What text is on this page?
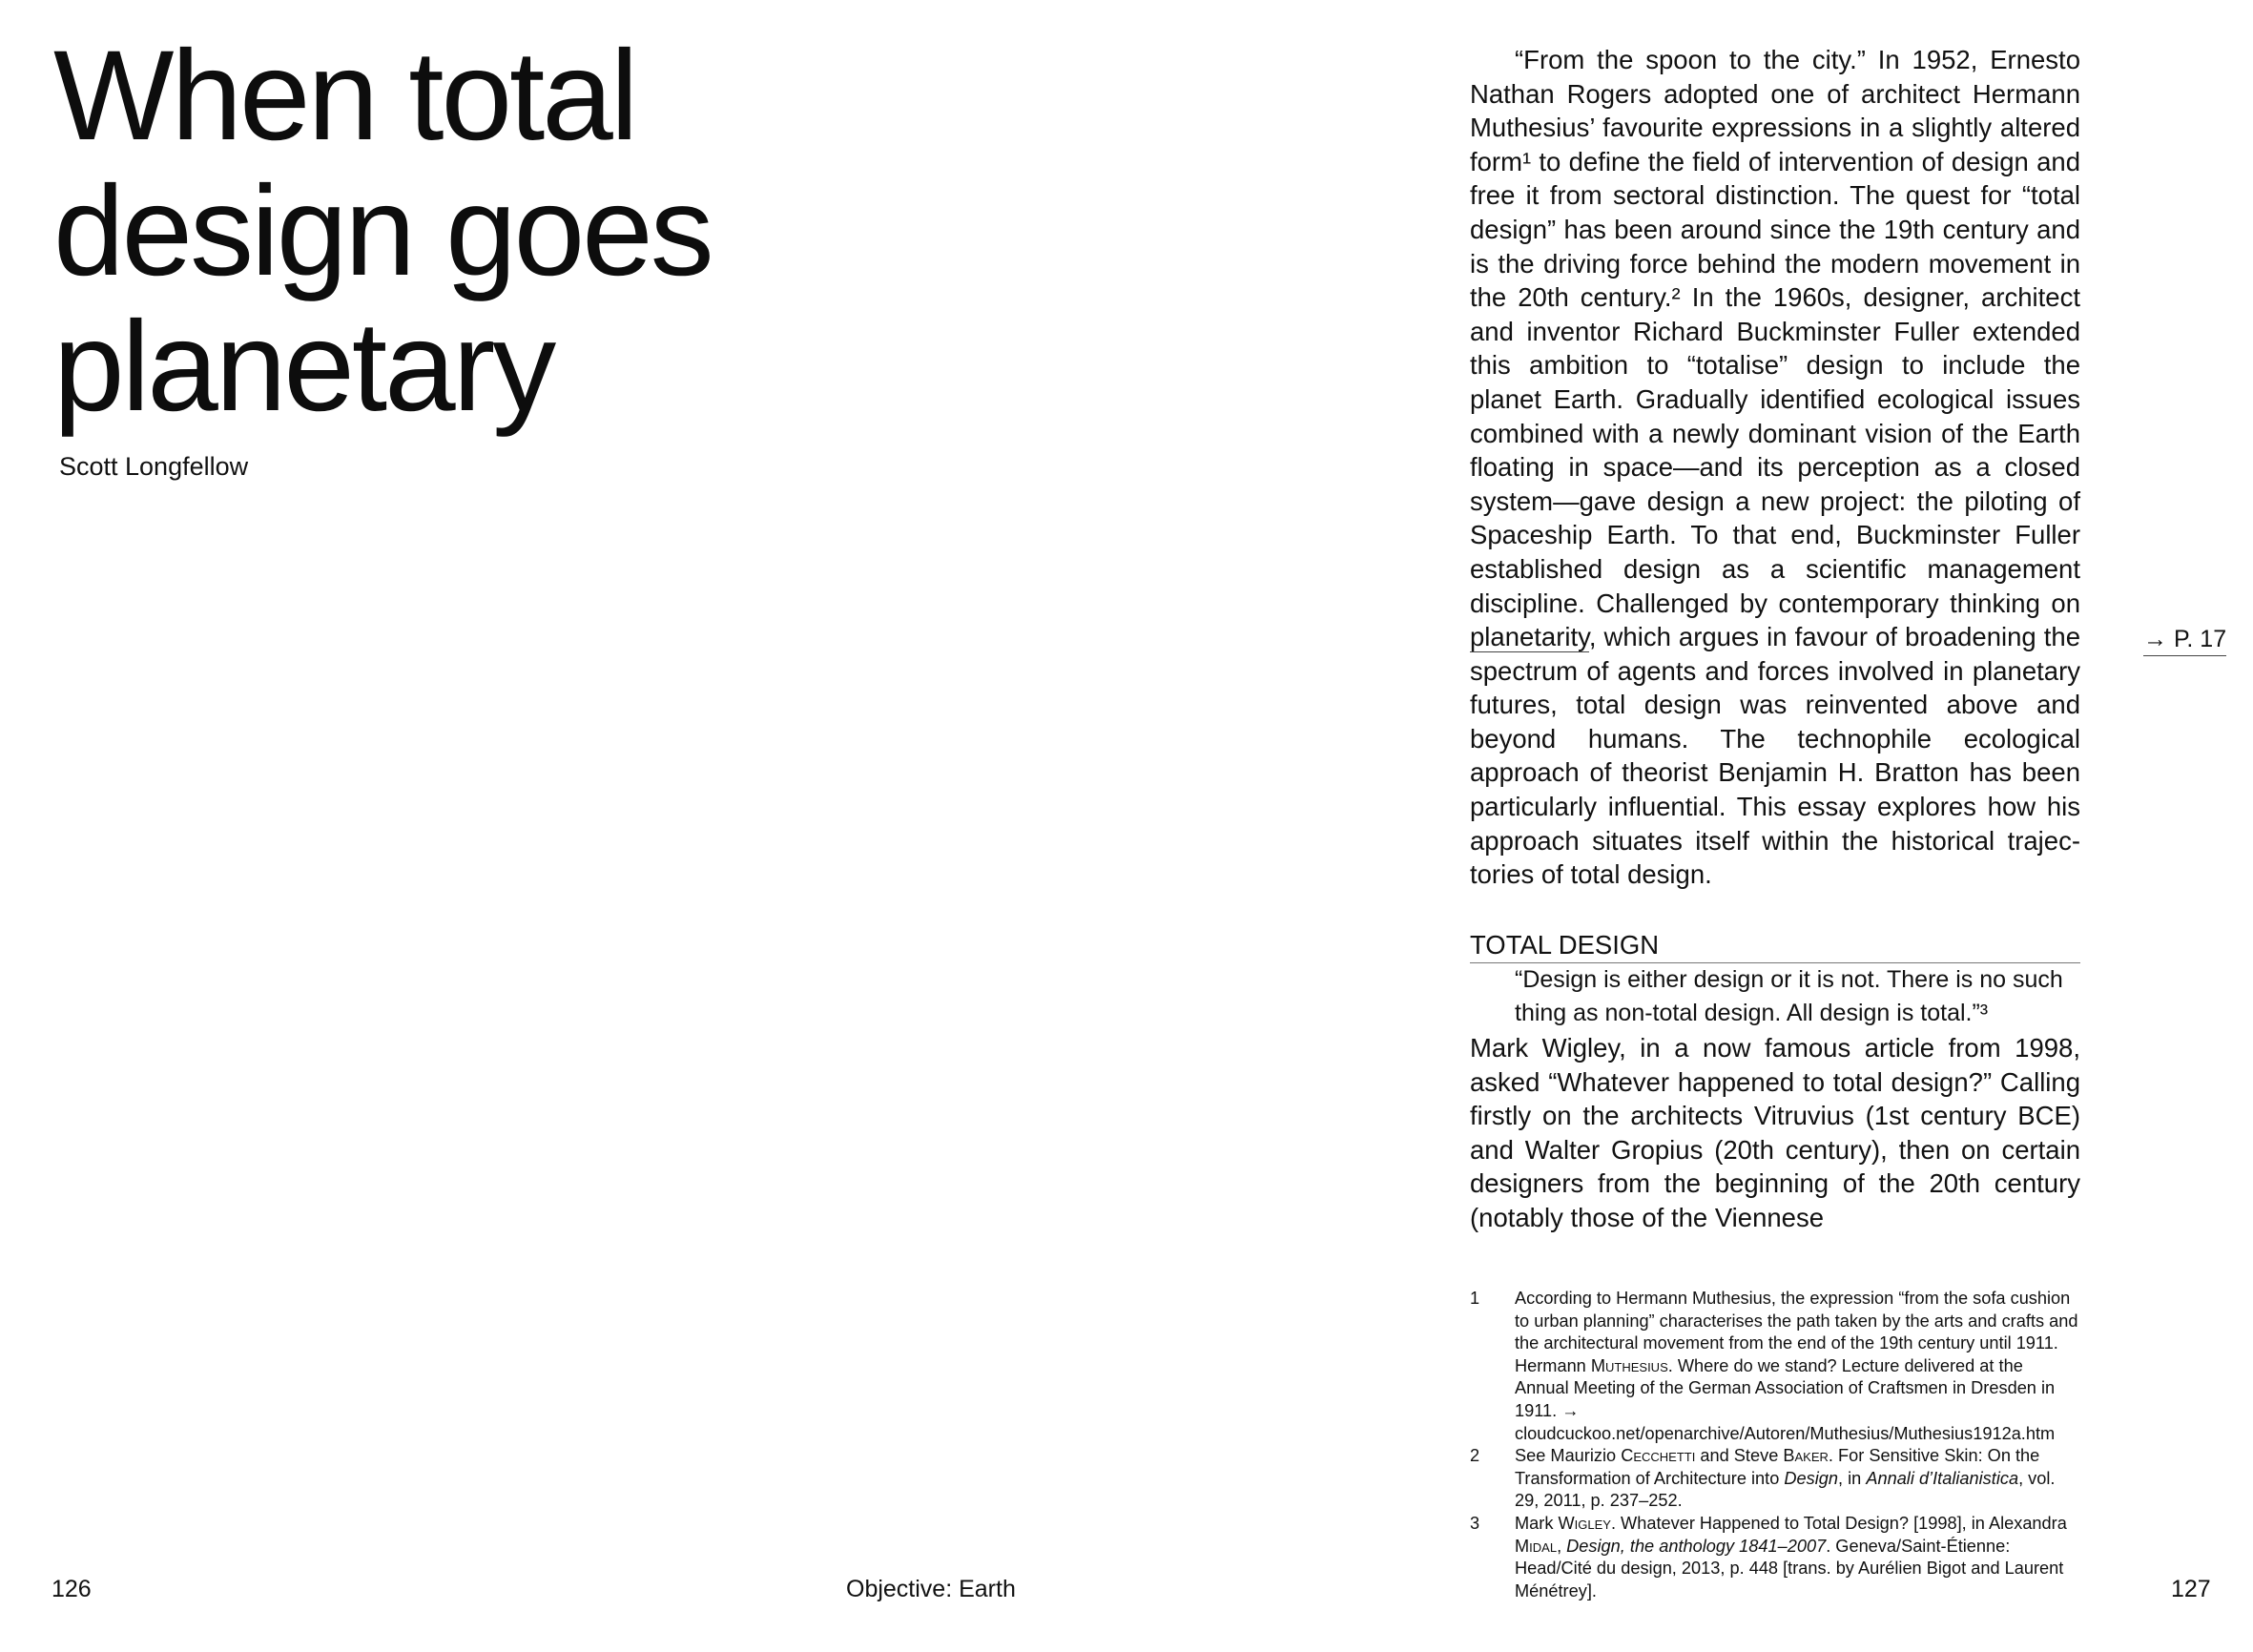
When total
design goes
planetary

Scott Longfellow

“From the spoon to the city.” In 1952, Ernesto Nathan Rogers adopted one of architect Hermann Muthesius’ favourite expressions in a slightly altered form¹ to define the field of intervention of design and free it from sectoral distinction. The quest for “total design” has been around since the 19th century and is the driving force behind the modern movement in the 20th century.² In the 1960s, designer, architect and inventor Richard Buckminster Fuller extended this ambition to “totalise” design to include the planet Earth. Gradually identified ecological issues combined with a newly dominant vision of the Earth floating in space—and its perception as a closed system—gave design a new project: the piloting of Spaceship Earth. To that end, Buckminster Fuller established design as a scientific management discipline. Challenged by contemporary thinking on planetarity, which argues in favour of broadening the spectrum of agents and forces involved in planetary futures, total design was reinvented above and beyond humans. The technophile ecological approach of theorist Benjamin H. Bratton has been particularly influential. This essay explores how his approach situates itself within the historical trajectories of total design.

TOTAL DESIGN

“Design is either design or it is not. There is no such thing as non-total design. All design is total.”³

Mark Wigley, in a now famous article from 1998, asked “Whatever happened to total design?” Calling firstly on the architects Vitruvius (1st century BCE) and Walter Gropius (20th century), then on certain designers from the beginning of the 20th century (notably those of the Viennese

→ P. 17
1	According to Hermann Muthesius, the expression “from the sofa cushion to urban planning” characterises the path taken by the arts and crafts and the architectural movement from the end of the 19th century until 1911. Hermann Muthesius. Where do we stand? Lecture delivered at the Annual Meeting of the German Association of Craftsmen in Dresden in 1911. → cloudcuckoo.net/openarchive/Autoren/Muthesius/Muthesius1912a.htm
2	See Maurizio Cecchetti and Steve Baker. For Sensitive Skin: On the Transformation of Architecture into Design, in Annali d’Italianistica, vol. 29, 2011, p. 237–252.
3	Mark Wigley. Whatever Happened to Total Design? [1998], in Alexandra Midal, Design, the anthology 1841–2007. Geneva/Saint-Étienne: Head/Cité du design, 2013, p. 448 [trans. by Aurélien Bigot and Laurent Ménétrey].

126	Objective: Earth	127
